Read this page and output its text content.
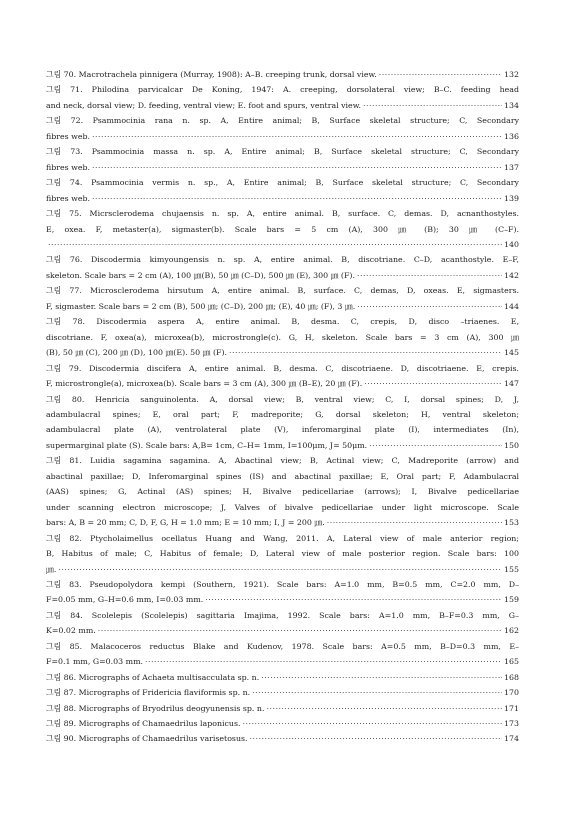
그림 70. Macrotrachela pinnigera (Murray, 1908): A–B. creeping trunk, dorsal view. ·····	132
그림 71. Philodina parvicalcar De Koning, 1947: A. creeping, dorsolateral view; B–C. feeding head
and neck, dorsal view; D. feeding, ventral view; E. foot and spurs, ventral view. ·····	134
그림 72. Psammocinia rana n. sp. A, Entire animal; B, Surface skeletal structure; C, Secondary
fibres web. ·····	136
그림 73. Psammocinia massa n. sp. A, Entire animal; B, Surface skeletal structure; C, Secondary
fibres web. ·····	137
그림 74. Psammocinia vermis n. sp., A, Entire animal; B, Surface skeletal structure; C, Secondary
fibres web. ·····	139
그림 75. Micrsclerodema chujaensis n. sp. A, entire animal. B, surface. C, demas. D, acnanthostyles.
E, oxea. F, metaster(a), sigmaster(b). Scale bars = 5 cm (A), 300 ㎛ (B); 30 ㎛ (C–F).
·····
140
그림 76. Discodermia kimyoungensis n. sp. A, entire animal. B, discotriane. C–D, acanthostyle. E–F,
skeleton. Scale bars = 2 cm (A), 100 ㎛(B), 50 ㎛ (C–D), 500 ㎛ (E), 300 ㎛ (F). ·····	142
그림 77. Microsclerodema hirsutum A, entire animal. B, surface. C, demas, D, oxeas. E, sigmasters.
F, sigmaster. Scale bars = 2 cm (B), 500 ㎛; (C–D), 200 ㎛; (E), 40 ㎛; (F), 3 ㎛. ·····	144
그림 78. Discodermia aspera A, entire animal. B, desma. C, crepis, D, disco –triaenes. E,
discotriane. F, oxea(a), microxea(b), microstrongle(c). G, H, skeleton. Scale bars = 3 cm (A), 300 ㎛
(B), 50 ㎛ (C), 200 ㎛ (D), 100 ㎛(E). 50 ㎛ (F). ·····	145
그림 79. Discodermia discifera A, entire animal. B, desma. C, discotriaene. D, discotriaene. E, crepis.
F, microstrongle(a), microxea(b). Scale bars = 3 cm (A), 300 ㎛ (B–E), 20 ㎛ (F). ·····	147
그림 80. Henricia sanguinolenta. A, dorsal view; B, ventral view; C, I, dorsal spines; D, J,
adambulacral spines; E, oral part; F, madreporite; G, dorsal skeleton; H, ventral skeleton;
adambulacral plate (A), ventrolateral plate (V), inferomarginal plate (I), intermediates (In),
supermarginal plate (S). Scale bars: A,B= 1cm, C–H= 1mm, I=100μm, J= 50μm. ·····	150
그림 81. Luidia sagamina sagamina. A, Abactinal view; B, Actinal view; C, Madreporite (arrow) and
abactinal paxillae; D, Inferomarginal spines (IS) and abactinal paxillae; E, Oral part; F, Adambulacral
(AAS) spines; G, Actinal (AS) spines; H, Bivalve pedicellariae (arrows); I, Bivalve pedicellariae
under scanning electron microscope; J, Valves of bivalve pedicellariae under light microscope. Scale
bars: A, B = 20 mm; C, D, F, G, H = 1.0 mm; E = 10 mm; I, J = 200 ㎛. ·····	153
그림 82. Ptycholaimellus ocellatus Huang and Wang, 2011. A, Lateral view of male anterior region;
B, Habitus of male; C, Habitus of female; D, Lateral view of male posterior region. Scale bars: 100
㎛. ·····	155
그림 83. Pseudopolydora kempi (Southern, 1921). Scale bars: A=1.0 mm, B=0.5 mm, C=2.0 mm, D–
F=0.05 mm, G–H=0.6 mm, I=0.03 mm. ·····	159
그림 84. Scolelepis (Scolelepis) sagittaria Imajima, 1992. Scale bars: A=1.0 mm, B–F=0.3 mm, G–
K=0.02 mm. ·····	162
그림 85. Malacoceros reductus Blake and Kudenov, 1978. Scale bars: A=0.5 mm, B–D=0.3 mm, E–
F=0.1 mm, G=0.03 mm. ·····	165
그림 86. Micrographs of Achaeta multisacculata sp. n. ·····	168
그림 87. Micrographs of Fridericia flaviformis sp. n. ·····	170
그림 88. Micrographs of Bryodrilus deogyunensis sp. n. ·····	171
그림 89. Micrographs of Chamaedrilus laponicus. ·····	173
그림 90. Micrographs of Chamaedrilus varisetosus. ·····	174
